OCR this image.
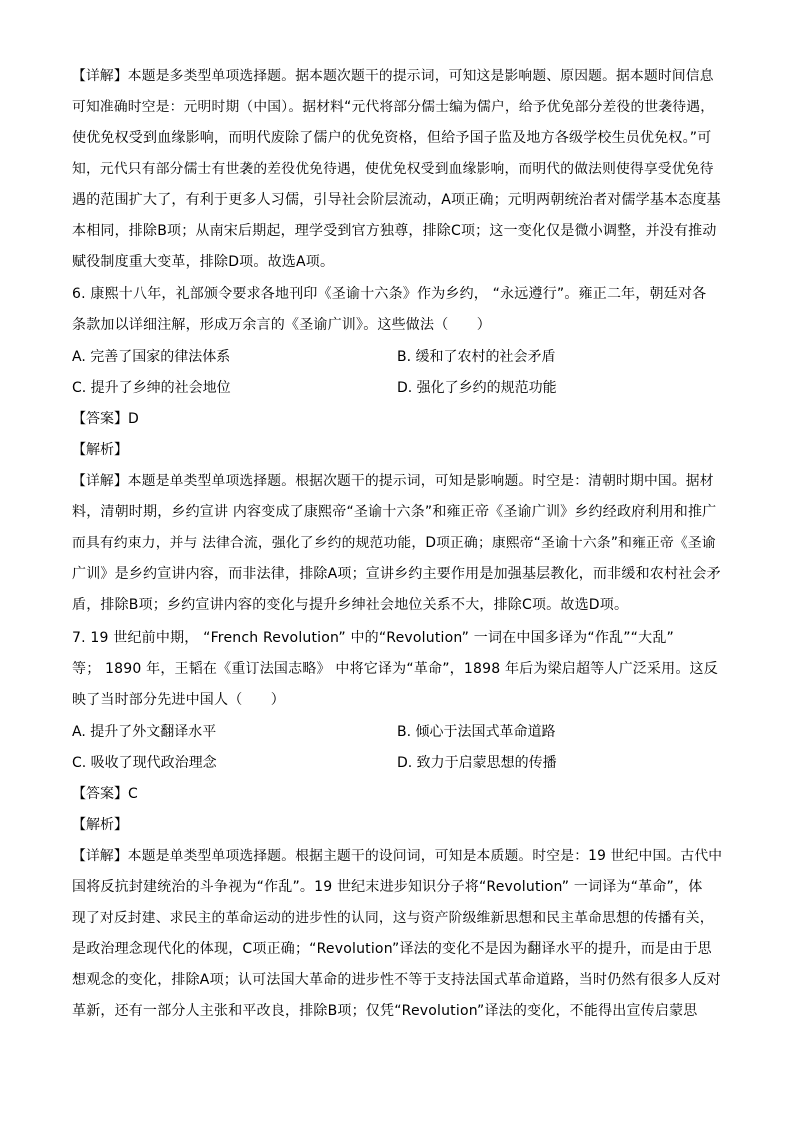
【详解】本题是多类型单项选择题。据本题次题干的提示词，可知这是影响题、原因题。据本题时间信息
可知准确时空是：元明时期（中国）。据材料“元代将部分儒士编为儒户，给予优免部分差役的世袭待遇，
使优免权受到血缘影响，而明代废除了儒户的优免资格，但给予国子监及地方各级学校生员优免权。”可
知，元代只有部分儒士有世袭的差役优免待遇，使优免权受到血缘影响，而明代的做法则使得享受优免待
遇的范围扩大了，有利于更多人习儒，引导社会阶层流动，A项正确；元明两朝统治者对儒学基本态度基
本相同，排除B项；从南宋后期起，理学受到官方独尊，排除C项；这一变化仅是微小调整，并没有推动
赋役制度重大变革，排除D项。故选A项。
6. 康熙十八年，礼部颁令要求各地刊印《圣谕十六条》作为乡约， “永远遵行”。雍正二年，朝廷对各
条款加以详细注解，形成万余言的《圣谕广训》。这些做法（　　）
A. 完善了国家的律法体系	B. 缓和了农村的社会矛盾
C. 提升了乡绅的社会地位	D. 强化了乡约的规范功能
【答案】D
【解析】
【详解】本题是单类型单项选择题。根据次题干的提示词，可知是影响题。时空是：清朝时期中国。据材
料，清朝时期，乡约宣讲 内容变成了康熙帝“圣谕十六条”和雍正帝《圣谕广训》乡约经政府利用和推广
而具有约束力，并与 法律合流，强化了乡约的规范功能，D项正确；康熙帝“圣谕十六条”和雍正帝《圣谕
广训》是乡约宣讲内容，而非法律，排除A项；宣讲乡约主要作用是加强基层教化，而非缓和农村社会矛
盾，排除B项；乡约宣讲内容的变化与提升乡绅社会地位关系不大，排除C项。故选D项。
7. 19 世纪前中期， “French Revolution” 中的“Revolution” 一词在中国多译为“作乱”“大乱”
等； 1890 年，王韬在《重订法国志略》 中将它译为“革命”，1898 年后为梁启超等人广泛采用。这反
映了当时部分先进中国人（　　）
A. 提升了外文翻译水平	B. 倾心于法国式革命道路
C. 吸收了现代政治理念	D. 致力于启蒙思想的传播
【答案】C
【解析】
【详解】本题是单类型单项选择题。根据主题干的设问词，可知是本质题。时空是：19 世纪中国。古代中
国将反抗封建统治的斗争视为“作乱”。19 世纪末进步知识分子将“Revolution” 一词译为“革命”，体
现了对反封建、求民主的革命运动的进步性的认同，这与资产阶级维新思想和民主革命思想的传播有关，
是政治理念现代化的体现，C项正确；“Revolution”译法的变化不是因为翻译水平的提升，而是由于思
想观念的变化，排除A项；认可法国大革命的进步性不等于支持法国式革命道路，当时仍然有很多人反对
革新，还有一部分人主张和平改良，排除B项；仅凭“Revolution”译法的变化，不能得出宣传启蒙思
